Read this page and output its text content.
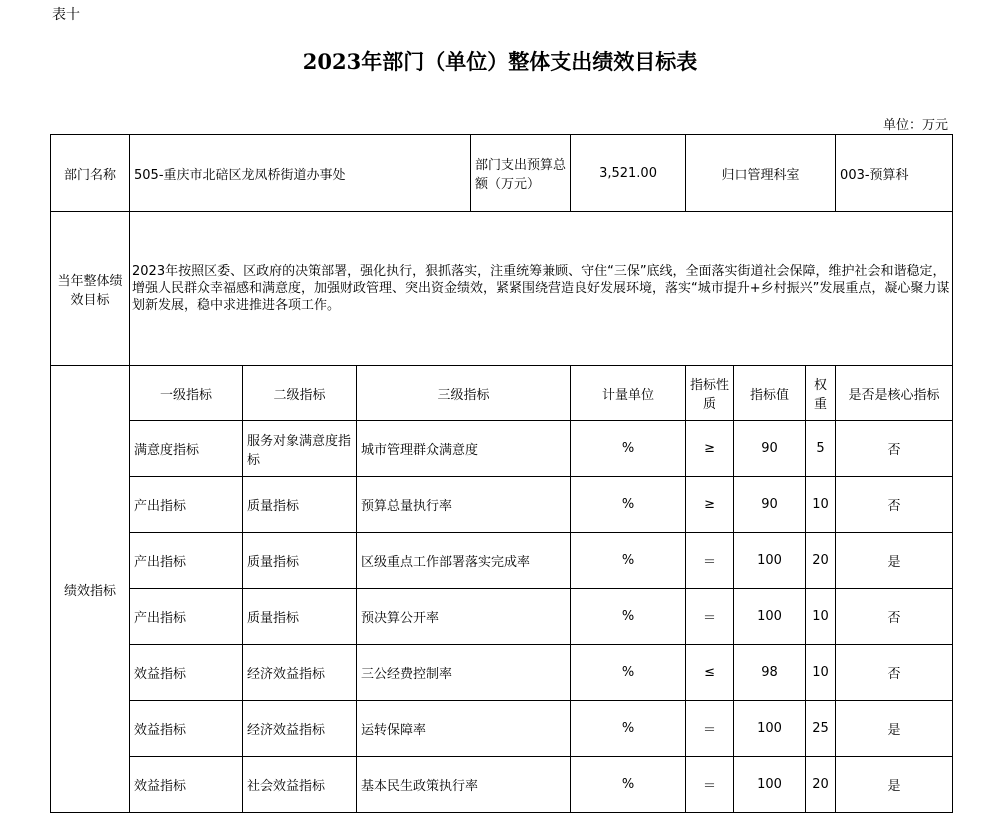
表十
2023年部门（单位）整体支出绩效目标表
单位：万元
部门名称	505-重庆市北碚区龙凤桥街道办事处			部门支出预算总额（万元）	3,521.00	归口管理科室			003-预算科
当年整体绩效目标	2023年按照区委、区政府的决策部署，强化执行，狠抓落实，注重统筹兼顾、守住“三保”底线，全面落实街道社会保障，维护社会和谐稳定，增强人民群众幸福感和满意度，加强财政管理、突出资金绩效，紧紧围绕营造良好发展环境，落实“城市提升+乡村振兴”发展重点，凝心聚力谋划新发展，稳中求进推进各项工作。								
绩效指标	一级指标	二级指标	三级指标		计量单位	指标性质	指标值	权重	是否是核心指标
	满意度指标	服务对象满意度指标	城市管理群众满意度		%	≥	90	5	否
	产出指标	质量指标	预算总量执行率		%	≥	90	10	否
	产出指标	质量指标	区级重点工作部署落实完成率		%	＝	100	20	是
	产出指标	质量指标	预决算公开率		%	＝	100	10	否
	效益指标	经济效益指标	三公经费控制率		%	≤	98	10	否
	效益指标	经济效益指标	运转保障率		%	＝	100	25	是
	效益指标	社会效益指标	基本民生政策执行率		%	＝	100	20	是
